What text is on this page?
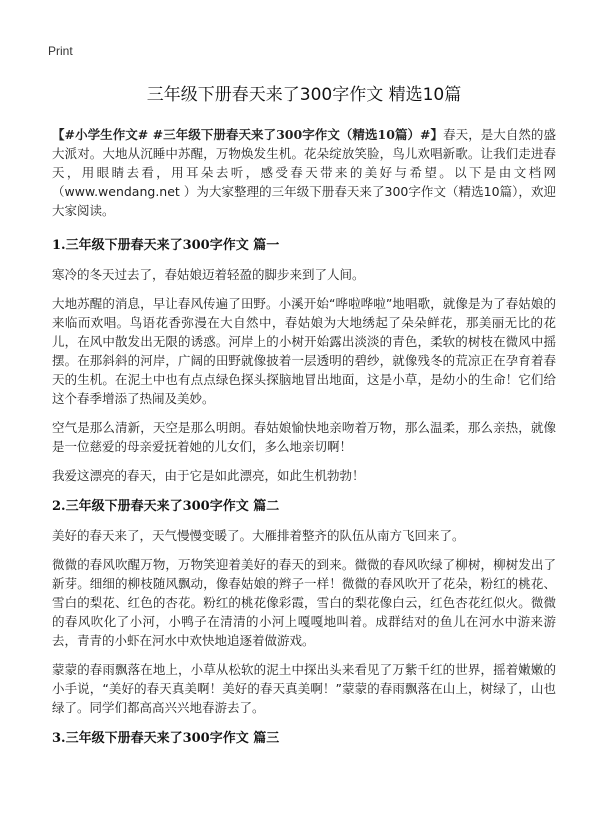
Print
三年级下册春天来了300字作文 精选10篇

【#小学生作文# #三年级下册春天来了300字作文（精选10篇）#】春天，是大自然的盛大派对。大地从沉睡中苏醒，万物焕发生机。花朵绽放笑脸，鸟儿欢唱新歌。让我们走进春天，用眼睛去看，用耳朵去听，感受春天带来的美好与希望。以下是由文档网（www.wendang.net ）为大家整理的三年级下册春天来了300字作文（精选10篇），欢迎大家阅读。

1.三年级下册春天来了300字作文 篇一

寒冷的冬天过去了，春姑娘迈着轻盈的脚步来到了人间。

大地苏醒的消息，早让春风传遍了田野。小溪开始“哗啦哗啦”地唱歌，就像是为了春姑娘的来临而欢唱。鸟语花香弥漫在大自然中，春姑娘为大地绣起了朵朵鲜花，那美丽无比的花儿，在风中散发出无限的诱惑。河岸上的小树开始露出淡淡的青色，柔软的树枝在微风中摇摆。在那斜斜的河岸，广阔的田野就像披着一层透明的碧纱，就像残冬的荒凉正在孕育着春天的生机。在泥土中也有点点绿色探头探脑地冒出地面，这是小草，是幼小的生命！它们给这个春季增添了热闹及美妙。

空气是那么清新，天空是那么明朗。春姑娘愉快地亲吻着万物，那么温柔，那么亲热，就像是一位慈爱的母亲爱抚着她的儿女们，多么地亲切啊！

我爱这漂亮的春天，由于它是如此漂亮，如此生机勃勃！

2.三年级下册春天来了300字作文 篇二

美好的春天来了，天气慢慢变暖了。大雁排着整齐的队伍从南方飞回来了。

微微的春风吹醒万物，万物笑迎着美好的春天的到来。微微的春风吹绿了柳树，柳树发出了新芽。细细的柳枝随风飘动，像春姑娘的辫子一样！微微的春风吹开了花朵，粉红的桃花、雪白的梨花、红色的杏花。粉红的桃花像彩霞，雪白的梨花像白云，红色杏花红似火。微微的春风吹化了小河，小鸭子在清清的小河上嘎嘎地叫着。成群结对的鱼儿在河水中游来游去，青青的小虾在河水中欢快地追逐着做游戏。

蒙蒙的春雨飘落在地上，小草从松软的泥土中探出头来看见了万紫千红的世界，摇着嫩嫩的小手说，“美好的春天真美啊！美好的春天真美啊！”蒙蒙的春雨飘落在山上，树绿了，山也绿了。同学们都高高兴兴地春游去了。

3.三年级下册春天来了300字作文 篇三
